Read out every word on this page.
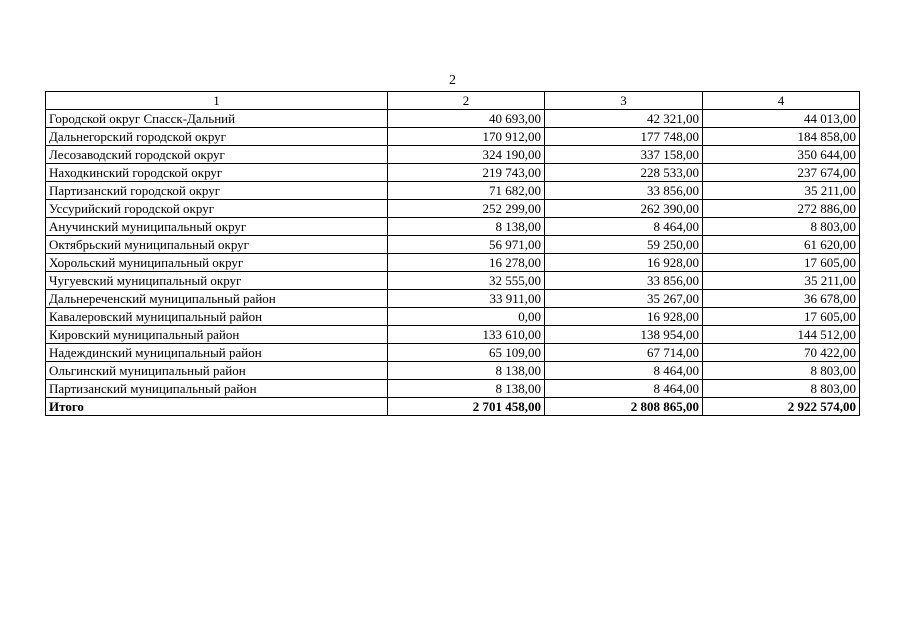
2
1	2	3	4
Городской округ Спасск-Дальний	40 693,00	42 321,00	44 013,00
Дальнегорский городской округ	170 912,00	177 748,00	184 858,00
Лесозаводский городской округ	324 190,00	337 158,00	350 644,00
Находкинский городской округ	219 743,00	228 533,00	237 674,00
Партизанский городской округ	71 682,00	33 856,00	35 211,00
Уссурийский городской округ	252 299,00	262 390,00	272 886,00
Анучинский муниципальный округ	8 138,00	8 464,00	8 803,00
Октябрьский муниципальный округ	56 971,00	59 250,00	61 620,00
Хорольский муниципальный округ	16 278,00	16 928,00	17 605,00
Чугуевский муниципальный округ	32 555,00	33 856,00	35 211,00
Дальнереченский муниципальный район	33 911,00	35 267,00	36 678,00
Кавалеровский муниципальный район	0,00	16 928,00	17 605,00
Кировский муниципальный район	133 610,00	138 954,00	144 512,00
Надеждинский муниципальный район	65 109,00	67 714,00	70 422,00
Ольгинский муниципальный район	8 138,00	8 464,00	8 803,00
Партизанский муниципальный район	8 138,00	8 464,00	8 803,00
Итого	2 701 458,00	2 808 865,00	2 922 574,00
